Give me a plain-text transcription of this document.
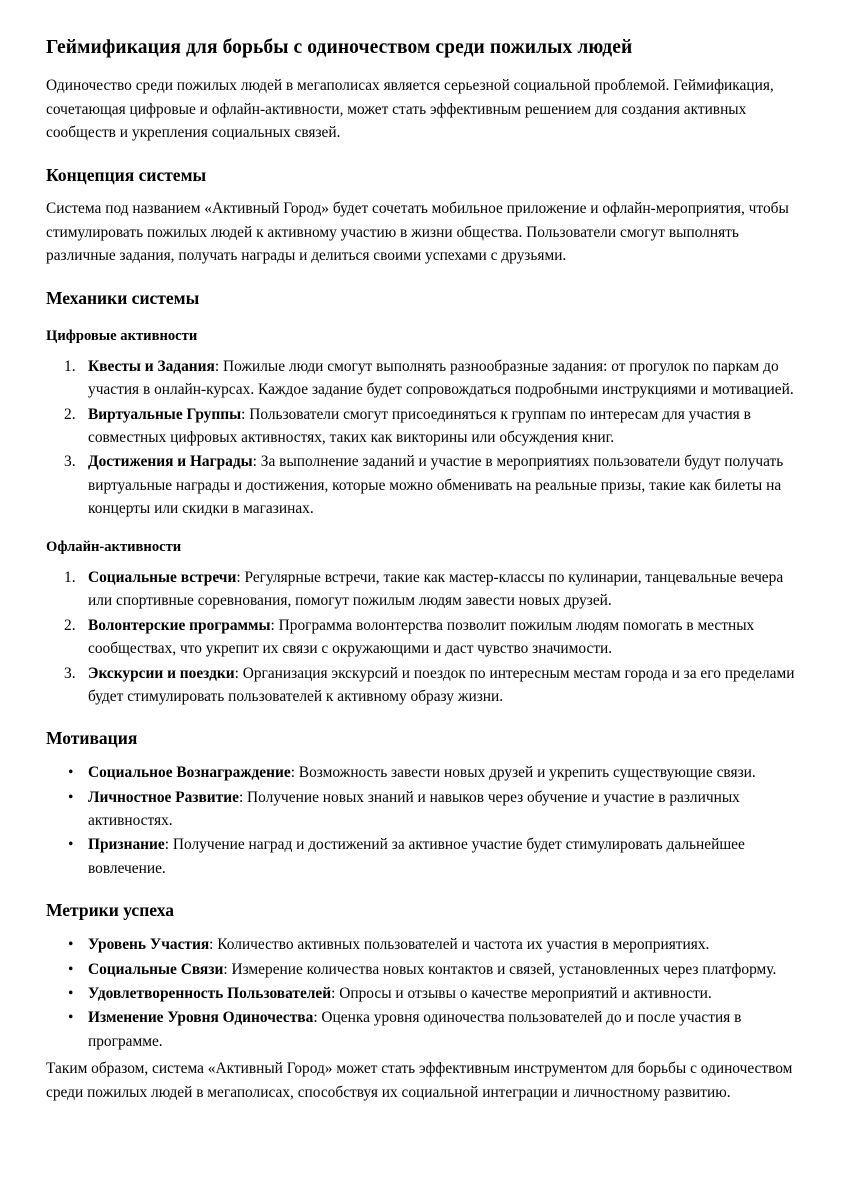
Геймификация для борьбы с одиночеством среди пожилых людей

Одиночество среди пожилых людей в мегаполисах является серьезной социальной проблемой. Геймификация, сочетающая цифровые и офлайн-активности, может стать эффективным решением для создания активных сообществ и укрепления социальных связей.

Концепция системы

Система под названием «Активный Город» будет сочетать мобильное приложение и офлайн-мероприятия, чтобы стимулировать пожилых людей к активному участию в жизни общества. Пользователи смогут выполнять различные задания, получать награды и делиться своими успехами с друзьями.

Механики системы
Цифровые активности
1. Квесты и Задания: Пожилые люди смогут выполнять разнообразные задания: от прогулок по паркам до участия в онлайн-курсах. Каждое задание будет сопровождаться подробными инструкциями и мотивацией.
2. Виртуальные Группы: Пользователи смогут присоединяться к группам по интересам для участия в совместных цифровых активностях, таких как викторины или обсуждения книг.
3. Достижения и Награды: За выполнение заданий и участие в мероприятиях пользователи будут получать виртуальные награды и достижения, которые можно обменивать на реальные призы, такие как билеты на концерты или скидки в магазинах.
Офлайн-активности
1. Социальные встречи: Регулярные встречи, такие как мастер-классы по кулинарии, танцевальные вечера или спортивные соревнования, помогут пожилым людям завести новых друзей.
2. Волонтерские программы: Программа волонтерства позволит пожилым людям помогать в местных сообществах, что укрепит их связи с окружающими и даст чувство значимости.
3. Экскурсии и поездки: Организация экскурсий и поездок по интересным местам города и за его пределами будет стимулировать пользователей к активному образу жизни.
Мотивация
• Социальное Вознаграждение: Возможность завести новых друзей и укрепить существующие связи.
• Личностное Развитие: Получение новых знаний и навыков через обучение и участие в различных активностях.
• Признание: Получение наград и достижений за активное участие будет стимулировать дальнейшее вовлечение.
Метрики успеха
• Уровень Участия: Количество активных пользователей и частота их участия в мероприятиях.
• Социальные Связи: Измерение количества новых контактов и связей, установленных через платформу.
• Удовлетворенность Пользователей: Опросы и отзывы о качестве мероприятий и активности.
• Изменение Уровня Одиночества: Оценка уровня одиночества пользователей до и после участия в программе.

Таким образом, система «Активный Город» может стать эффективным инструментом для борьбы с одиночеством среди пожилых людей в мегаполисах, способствуя их социальной интеграции и личностному развитию.
